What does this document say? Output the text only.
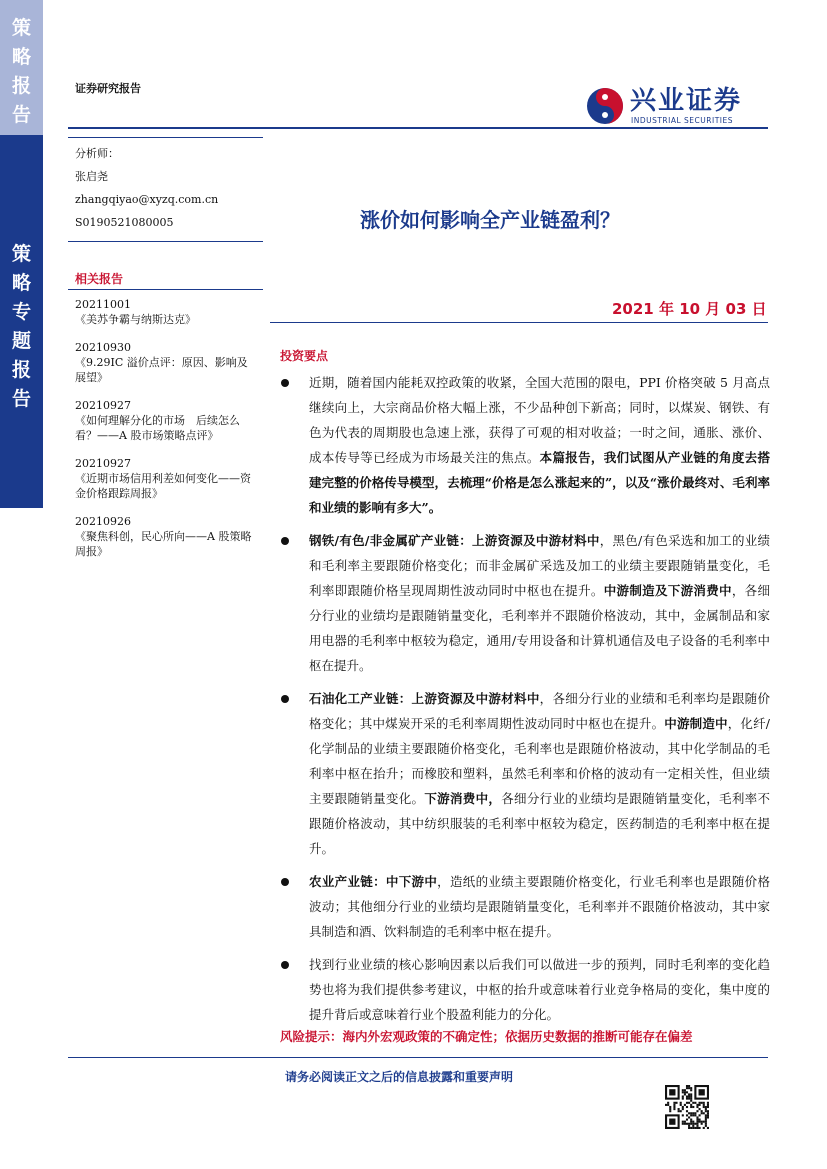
策
略
报
告
策
略
专
题
报
告
证券研究报告	兴业证券
INDUSTRIAL SECURITIES
分析师：
张启尧
zhangqiyao@xyzq.com.cn
S0190521080005
相关报告
20211001
《美苏争霸与纳斯达克》
20210930
《9.29IC 溢价点评：原因、影响及展望》
20210927
《如何理解分化的市场　后续怎么看？——A 股市场策略点评》
20210927
《近期市场信用利差如何变化——资金价格跟踪周报》
20210926
《聚焦科创，民心所向——A 股策略周报》
涨价如何影响全产业链盈利？
2021 年 10 月 03 日
投资要点
近期，随着国内能耗双控政策的收紧，全国大范围的限电，PPI 价格突破 5 月高点继续向上，大宗商品价格大幅上涨，不少品种创下新高；同时，以煤炭、钢铁、有色为代表的周期股也急速上涨，获得了可观的相对收益；一时之间，通胀、涨价、成本传导等已经成为市场最关注的焦点。本篇报告，我们试图从产业链的角度去搭建完整的价格传导模型，去梳理“价格是怎么涨起来的”，以及“涨价最终对、毛利率和业绩的影响有多大”。
钢铁/有色/非金属矿产业链：上游资源及中游材料中，黑色/有色采选和加工的业绩和毛利率主要跟随价格变化；而非金属矿采选及加工的业绩主要跟随销量变化，毛利率即跟随价格呈现周期性波动同时中枢也在提升。中游制造及下游消费中，各细分行业的业绩均是跟随销量变化，毛利率并不跟随价格波动，其中，金属制品和家用电器的毛利率中枢较为稳定，通用/专用设备和计算机通信及电子设备的毛利率中枢在提升。
石油化工产业链：上游资源及中游材料中，各细分行业的业绩和毛利率均是跟随价格变化；其中煤炭开采的毛利率周期性波动同时中枢也在提升。中游制造中，化纤/化学制品的业绩主要跟随价格变化，毛利率也是跟随价格波动，其中化学制品的毛利率中枢在抬升；而橡胶和塑料，虽然毛利率和价格的波动有一定相关性，但业绩主要跟随销量变化。下游消费中，各细分行业的业绩均是跟随销量变化，毛利率不跟随价格波动，其中纺织服装的毛利率中枢较为稳定，医药制造的毛利率中枢在提升。
农业产业链：中下游中，造纸的业绩主要跟随价格变化，行业毛利率也是跟随价格波动；其他细分行业的业绩均是跟随销量变化，毛利率并不跟随价格波动，其中家具制造和酒、饮料制造的毛利率中枢在提升。
找到行业业绩的核心影响因素以后我们可以做进一步的预判，同时毛利率的变化趋势也将为我们提供参考建议，中枢的抬升或意味着行业竞争格局的变化，集中度的提升背后或意味着行业个股盈利能力的分化。
风险提示：海内外宏观政策的不确定性；依据历史数据的推断可能存在偏差
请务必阅读正文之后的信息披露和重要声明
